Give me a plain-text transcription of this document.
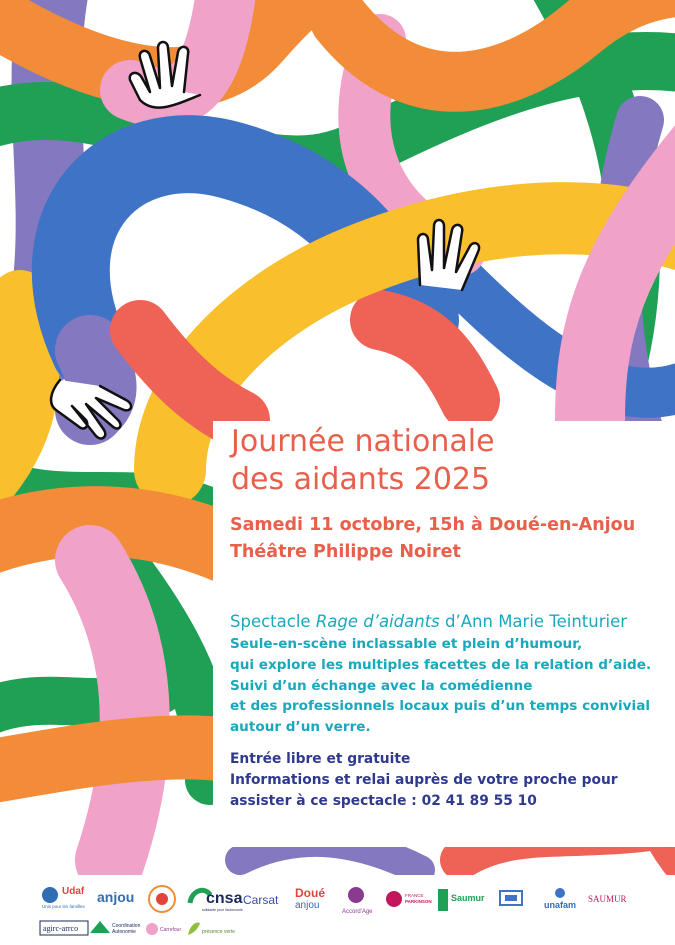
Journée nationale
des aidants 2025
Samedi 11 octobre, 15h à Doué-en-Anjou
Théâtre Philippe Noiret
Spectacle Rage d’aidants d’Ann Marie Teinturier
Seule-en-scène inclassable et plein d’humour,
qui explore les multiples facettes de la relation d’aide.
Suivi d’un échange avec la comédienne
et des professionnels locaux puis d’un temps convivial
autour d’un verre.
Entrée libre et gratuite
Informations et relai auprès de votre proche pour
assister à ce spectacle : 02 41 89 55 10
Udaf
Unis pour les familles
anjou	cnsa
solidarité pour l'autonomie
Carsat Doué
anjou
Accord'Age
FRANCE
PARKINSON Saumur
unafam
SAUMUR
agirc-arrco	Coordination
Autonomie	Carrefour	présence verte
